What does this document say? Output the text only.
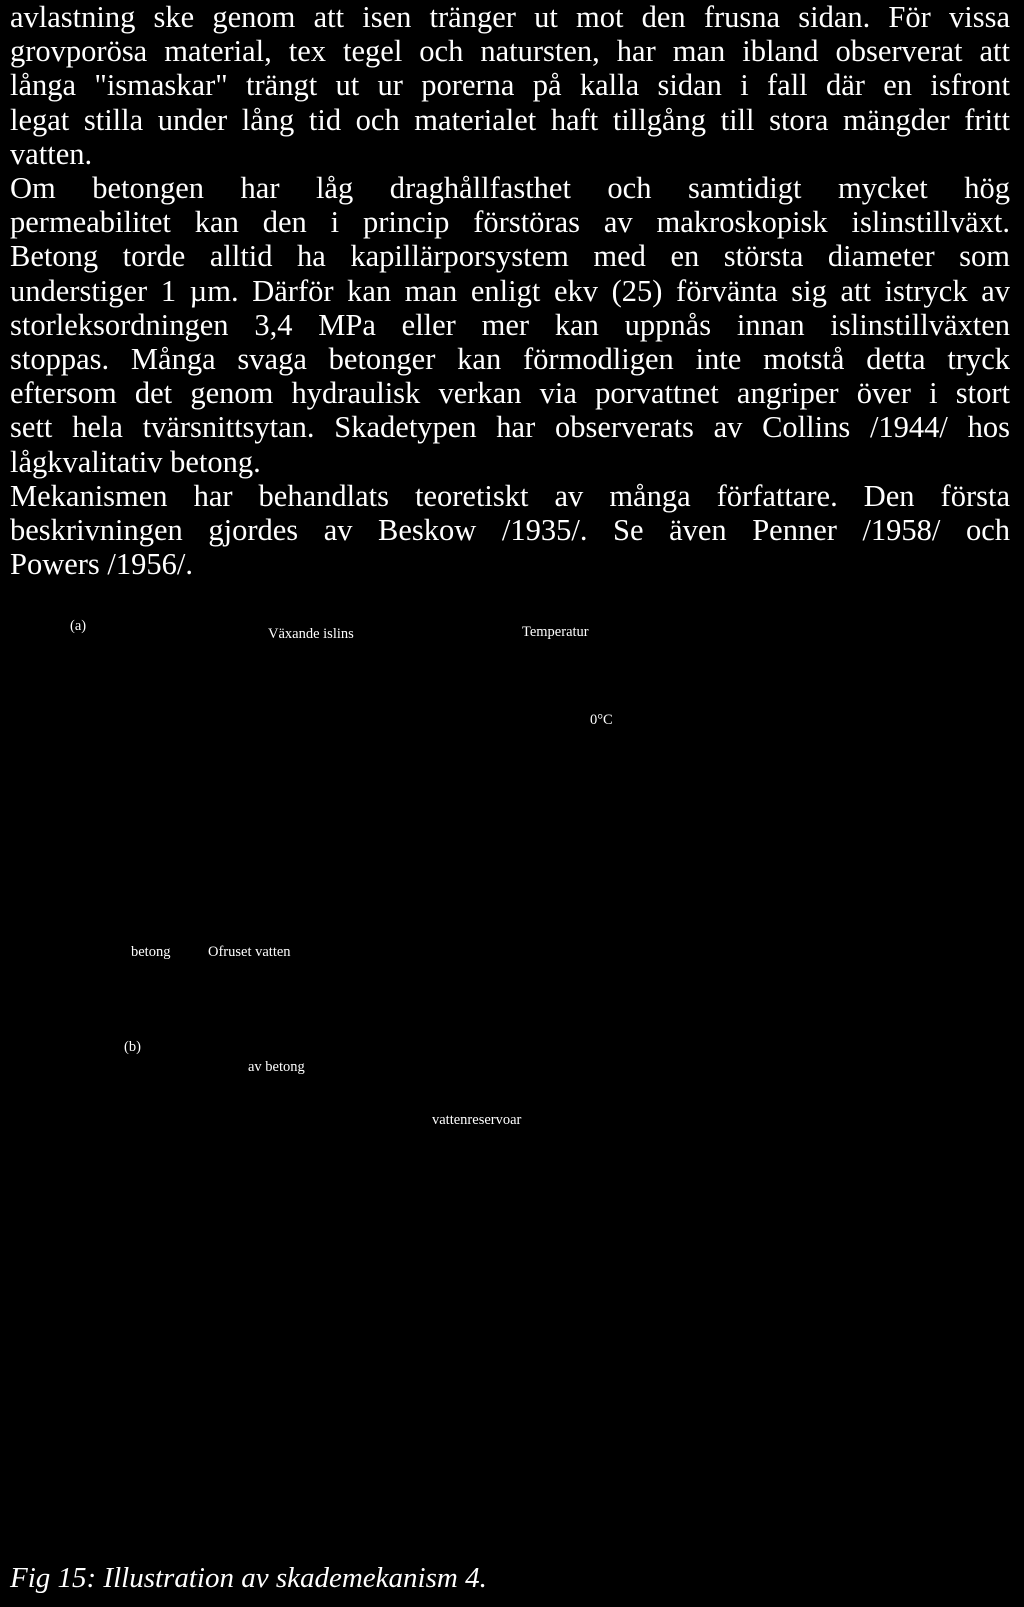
avlastning ske genom att isen tränger ut mot den frusna sidan. För vissa
grovporösa material, tex tegel och natursten, har man ibland observerat att
långa "ismaskar" trängt ut ur porerna på kalla sidan i fall där en isfront
legat stilla under lång tid och materialet haft tillgång till stora mängder fritt
vatten.

Om betongen har låg draghållfasthet och samtidigt mycket hög
permeabilitet kan den i princip förstöras av makroskopisk islinstillväxt.
Betong torde alltid ha kapillärporsystem med en största diameter som
understiger 1 µm. Därför kan man enligt ekv (25) förvänta sig att istryck av
storleksordningen 3,4 MPa eller mer kan uppnås innan islinstillväxten
stoppas. Många svaga betonger kan förmodligen inte motstå detta tryck
eftersom det genom hydraulisk verkan via porvattnet angriper över i stort
sett hela tvärsnittsytan. Skadetypen har observerats av Collins /1944/ hos
lågkvalitativ betong.

Mekanismen har behandlats teoretiskt av många författare. Den första
beskrivningen gjordes av Beskow /1935/. Se även Penner /1958/ och
Powers /1956/.

(a)	Växande islins	Temperatur
0°C
betong	Ofruset vatten
(b)
av betong
vattenreservoar
Fig 15: Illustration av skademekanism 4.
